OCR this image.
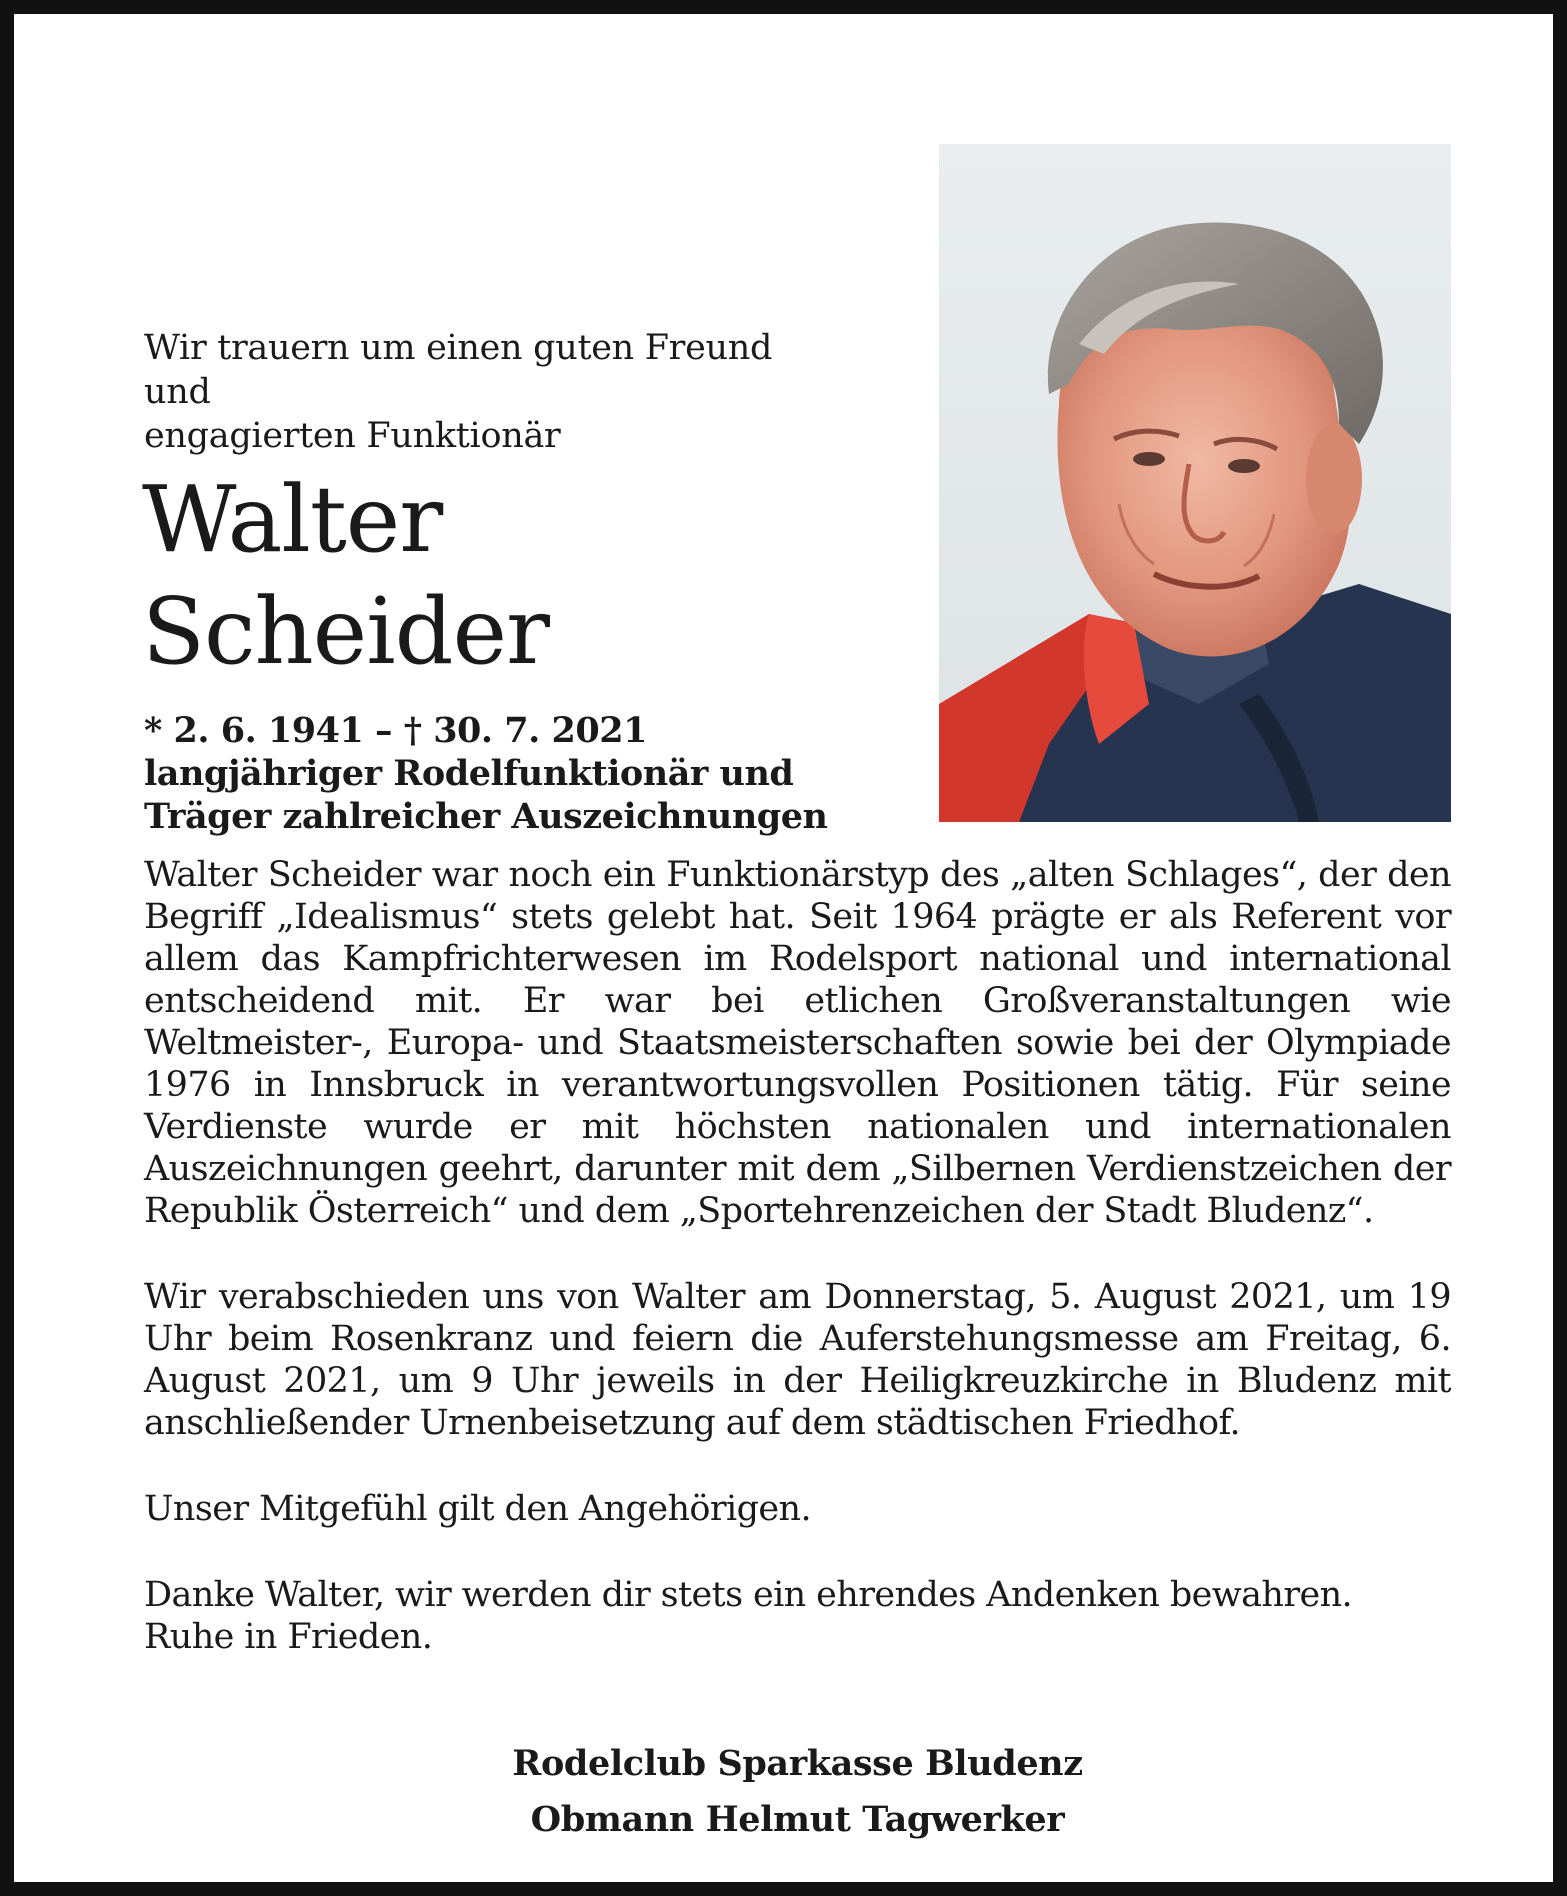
Wir trauern um einen guten Freund und
engagierten Funktionär
Walter
Scheider
* 2. 6. 1941 – † 30. 7. 2021
langjähriger Rodelfunktionär und
Träger zahlreicher Auszeichnungen

Walter Scheider war noch ein Funktionärstyp des „alten Schlages“, der den Begriff „Idealismus“ stets gelebt hat. Seit 1964 prägte er als Referent vor allem das Kampfrichterwesen im Rodelsport national und international entscheidend mit. Er war bei etlichen Großveranstaltungen wie Weltmeister-, Europa- und Staatsmeisterschaften sowie bei der Olympiade 1976 in Innsbruck in verantwortungsvollen Positionen tätig. Für seine Verdienste wurde er mit höchsten nationalen und internationalen Auszeichnungen geehrt, darunter mit dem „Silbernen Verdienstzeichen der Republik Österreich“ und dem „Sportehrenzeichen der Stadt Bludenz“.

Wir verabschieden uns von Walter am Donnerstag, 5. August 2021, um 19 Uhr beim Rosenkranz und feiern die Auferstehungsmesse am Freitag, 6. August 2021, um 9 Uhr jeweils in der Heiligkreuzkirche in Bludenz mit anschließender Urnenbeisetzung auf dem städtischen Friedhof.

Unser Mitgefühl gilt den Angehörigen.

Danke Walter, wir werden dir stets ein ehrendes Andenken bewahren. Ruhe in Frieden.

Rodelclub Sparkasse Bludenz
Obmann Helmut Tagwerker
